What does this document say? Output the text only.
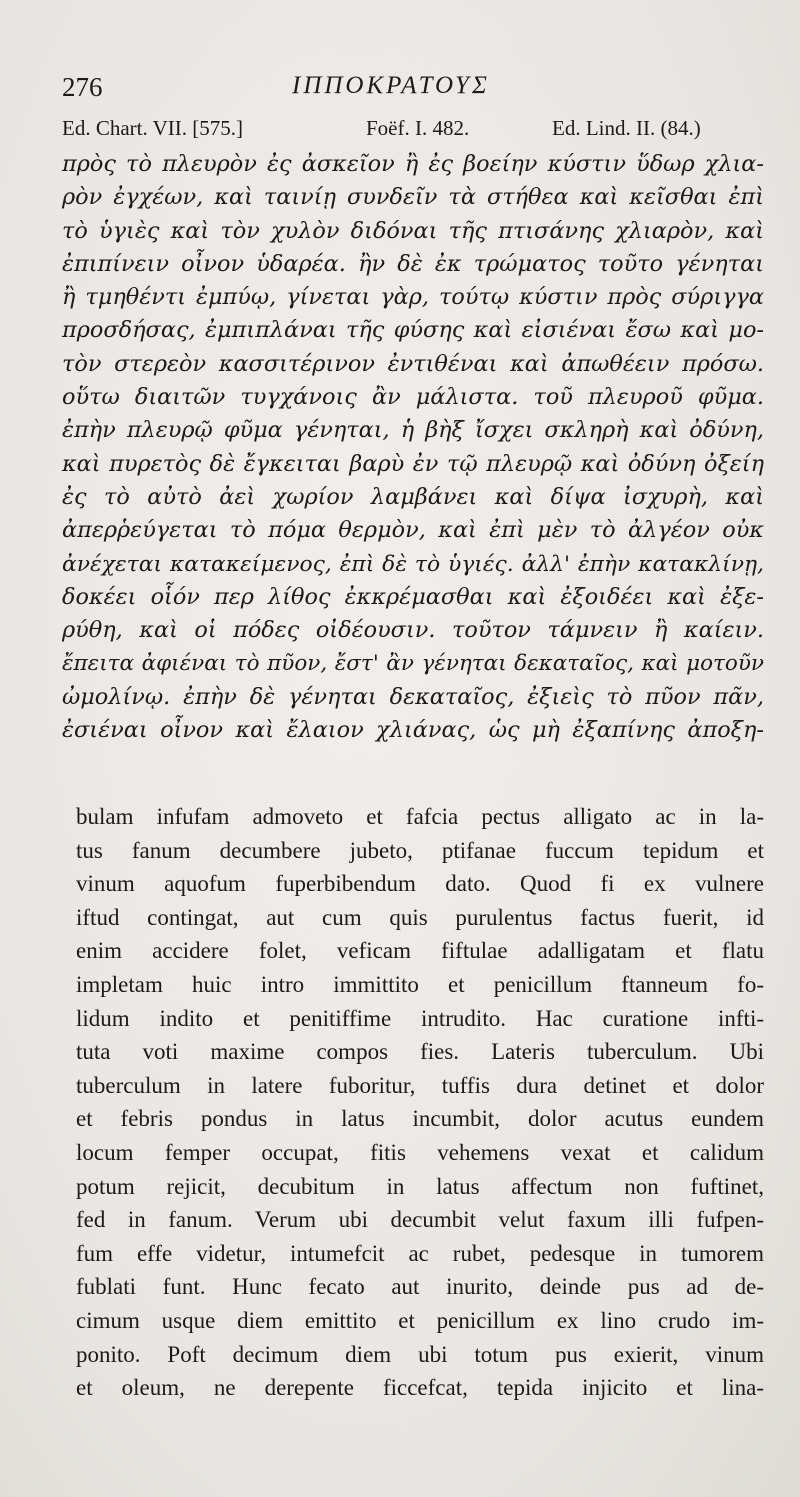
276	ΙΠΠΟΚΡΑΤΟΥΣ
Ed. Chart. VII. [575.]	Foëf. I. 482.	Ed. Lind. II. (84.)
πρὸς τὸ πλευρὸν ἐς ἀσκεῖον ἢ ἐς βοείην κύστιν ὕδωρ χλια-
ρὸν ἐγχέων, καὶ ταινίῃ συνδεῖν τὰ στήθεα καὶ κεῖσθαι ἐπὶ
τὸ ὑγιὲς καὶ τὸν χυλὸν διδόναι τῆς πτισάνης χλιαρὸν, καὶ
ἐπιπίνειν οἶνον ὑδαρέα. ἢν δὲ ἐκ τρώματος τοῦτο γένηται
ἢ τμηθέντι ἐμπύῳ, γίνεται γὰρ, τούτῳ κύστιν πρὸς σύριγγα
προσδήσας, ἐμπιπλάναι τῆς φύσης καὶ εἰσιέναι ἔσω καὶ μο-
τὸν στερεὸν κασσιτέρινον ἐντιθέναι καὶ ἀπωθέειν πρόσω.
οὕτω διαιτῶν τυγχάνοις ἂν μάλιστα. τοῦ πλευροῦ φῦμα.
ἐπὴν πλευρῷ φῦμα γένηται, ἡ βὴξ ἴσχει σκληρὴ καὶ ὀδύνη,
καὶ πυρετὸς δὲ ἔγκειται βαρὺ ἐν τῷ πλευρῷ καὶ ὀδύνη ὀξείη
ἐς τὸ αὐτὸ ἀεὶ χωρίον λαμβάνει καὶ δίψα ἰσχυρὴ, καὶ
ἀπερῥεύγεται τὸ πόμα θερμὸν, καὶ ἐπὶ μὲν τὸ ἀλγέον οὐκ
ἀνέχεται κατακείμενος, ἐπὶ δὲ τὸ ὑγιές. ἀλλ' ἐπὴν κατακλίνῃ,
δοκέει οἷόν περ λίθος ἐκκρέμασθαι καὶ ἐξοιδέει καὶ ἐξε-
ρύθη, καὶ οἱ πόδες οἰδέουσιν. τοῦτον τάμνειν ἢ καίειν.
ἔπειτα ἀφιέναι τὸ πῦον, ἔστ' ἂν γένηται δεκαταῖος, καὶ μοτοῦν
ὠμολίνῳ. ἐπὴν δὲ γένηται δεκαταῖος, ἐξιεὶς τὸ πῦον πᾶν,
ἐσιέναι οἶνον καὶ ἔλαιον χλιάνας, ὡς μὴ ἐξαπίνης ἀποξη-
bulam infufam admoveto et fafcia pectus alligato ac in la-
tus fanum decumbere jubeto, ptifanae fuccum tepidum et
vinum aquofum fuperbibendum dato. Quod fi ex vulnere
iftud contingat, aut cum quis purulentus factus fuerit, id
enim accidere folet, veficam fiftulae adalligatam et flatu
impletam huic intro immittito et penicillum ftanneum fo-
lidum indito et penitiffime intrudito. Hac curatione infti-
tuta voti maxime compos fies. Lateris tuberculum. Ubi
tuberculum in latere fuboritur, tuffis dura detinet et dolor
et febris pondus in latus incumbit, dolor acutus eundem
locum femper occupat, fitis vehemens vexat et calidum
potum rejicit, decubitum in latus affectum non fuftinet,
fed in fanum. Verum ubi decumbit velut faxum illi fufpen-
fum effe videtur, intumefcit ac rubet, pedesque in tumorem
fublati funt. Hunc fecato aut inurito, deinde pus ad de-
cimum usque diem emittito et penicillum ex lino crudo im-
ponito. Poft decimum diem ubi totum pus exierit, vinum
et oleum, ne derepente ficcefcat, tepida injicito et lina-
